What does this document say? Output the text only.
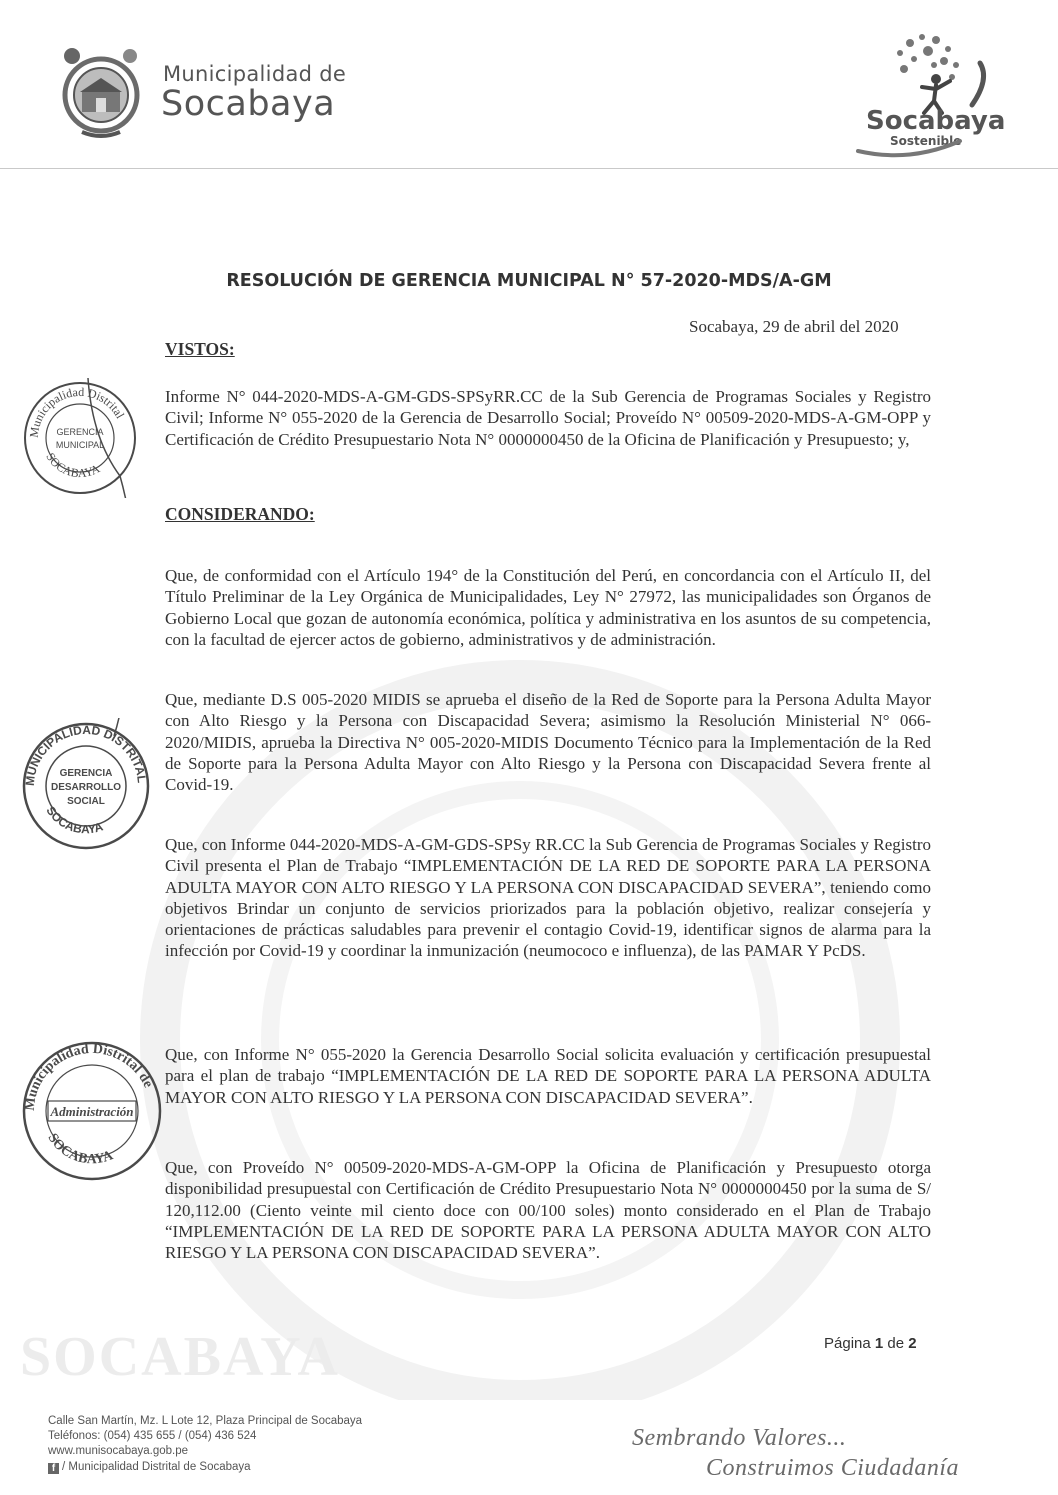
SOCABAYA
Municipalidad de
Socabaya	Socabaya
Sostenible
RESOLUCIÓN DE GERENCIA MUNICIPAL N° 57-2020-MDS/A-GM
Socabaya, 29 de abril del 2020
VISTOS:
Informe N° 044-2020-MDS-A-GM-GDS-SPSyRR.CC de la Sub Gerencia de Programas Sociales y Registro Civil; Informe N° 055-2020 de la Gerencia de Desarrollo Social; Proveído N° 00509-2020-MDS-A-GM-OPP y Certificación de Crédito Presupuestario Nota N° 0000000450 de la Oficina de Planificación y Presupuesto; y,
CONSIDERANDO:
Que, de conformidad con el Artículo 194° de la Constitución del Perú, en concordancia con el Artículo II, del Título Preliminar de la Ley Orgánica de Municipalidades, Ley N° 27972, las municipalidades son Órganos de Gobierno Local que gozan de autonomía económica, política y administrativa en los asuntos de su competencia, con la facultad de ejercer actos de gobierno, administrativos y de administración.
Que, mediante D.S 005-2020 MIDIS se aprueba el diseño de la Red de Soporte para la Persona Adulta Mayor con Alto Riesgo y la Persona con Discapacidad Severa; asimismo la Resolución Ministerial N° 066-2020/MIDIS, aprueba la Directiva N° 005-2020-MIDIS Documento Técnico para la Implementación de la Red de Soporte para la Persona Adulta Mayor con Alto Riesgo y la Persona con Discapacidad Severa frente al Covid-19.
Que, con Informe 044-2020-MDS-A-GM-GDS-SPSy RR.CC la Sub Gerencia de Programas Sociales y Registro Civil presenta el Plan de Trabajo “IMPLEMENTACIÓN DE LA RED DE SOPORTE PARA LA PERSONA ADULTA MAYOR CON ALTO RIESGO Y LA PERSONA CON DISCAPACIDAD SEVERA”, teniendo como objetivos Brindar un conjunto de servicios priorizados para la población objetivo, realizar consejería y orientaciones de prácticas saludables para prevenir el contagio Covid-19, identificar signos de alarma para la infección por Covid-19 y coordinar la inmunización (neumococo e influenza), de las PAMAR Y PcDS.
Que, con Informe N° 055-2020 la Gerencia Desarrollo Social solicita evaluación y certificación presupuestal para el plan de trabajo “IMPLEMENTACIÓN DE LA RED DE SOPORTE PARA LA PERSONA ADULTA MAYOR CON ALTO RIESGO Y LA PERSONA CON DISCAPACIDAD SEVERA”.
Que, con Proveído N° 00509-2020-MDS-A-GM-OPP la Oficina de Planificación y Presupuesto otorga disponibilidad presupuestal con Certificación de Crédito Presupuestario Nota N° 0000000450 por la suma de S/ 120,112.00 (Ciento veinte mil ciento doce con 00/100 soles) monto considerado en el Plan de Trabajo “IMPLEMENTACIÓN DE LA RED DE SOPORTE PARA LA PERSONA ADULTA MAYOR CON ALTO RIESGO Y LA PERSONA CON DISCAPACIDAD SEVERA”.
Municipalidad Distrital
GERENCIA
MUNICIPAL
SOCABAYA
MUNICIPALIDAD DISTRITAL
GERENCIA
DESARROLLO
SOCIAL
SOCABAYA
Municipalidad Distrital de
Administración
SOCABAYA
Página 1 de 2
Calle San Martín, Mz. L Lote 12, Plaza Principal de Socabaya
Teléfonos: (054) 435 655 / (054) 436 524
www.munisocabaya.gob.pe
f / Municipalidad Distrital de Socabaya
Sembrando Valores...
Construimos Ciudadanía
